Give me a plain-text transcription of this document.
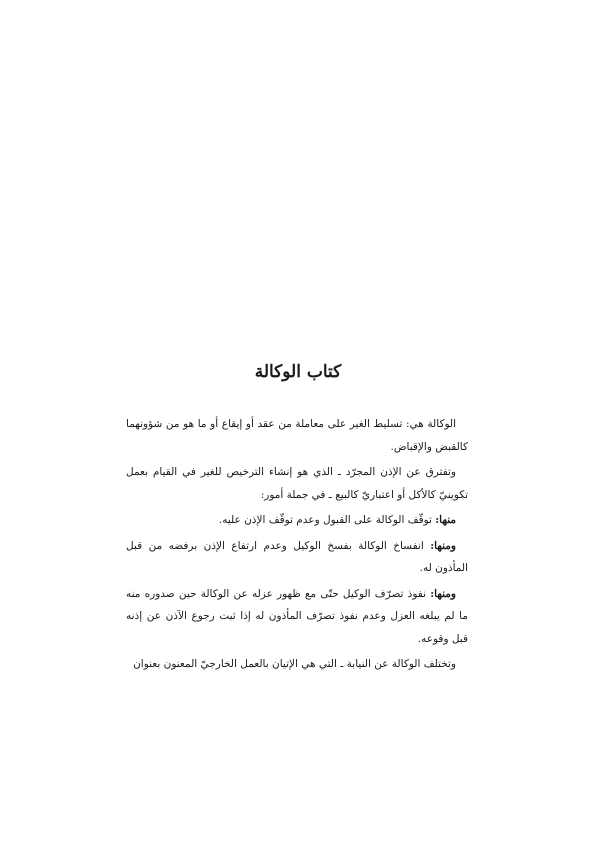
كتاب الوكالة

الوكالة هي: تسليط الغير على معاملة من عقد أو إيقاع أو ما هو من شؤونهما كالقبض والإقباض.

وتفترق عن الإذن المجرّد ـ الذي هو إنشاء الترخيص للغير في القيام بعمل تكوينيّ كالأكل أو اعتباريّ كالبيع ـ في جملة أمور:

منها: توقّف الوكالة على القبول وعدم توقّف الإذن عليه.

ومنها: انفساخ الوكالة بفسخ الوكيل وعدم ارتفاع الإذن برفضه من قبل المأذون له.

ومنها: نفوذ تصرّف الوكيل حتّى مع ظهور عزله عن الوكالة حين صدوره منه ما لم يبلغه العزل وعدم نفوذ تصرّف المأذون له إذا ثبت رجوع الآذن عن إذنه قبل وقوعه.

وتختلف الوكالة عن النيابة ـ التي هي الإتيان بالعمل الخارجيّ المعنون بعنوان
